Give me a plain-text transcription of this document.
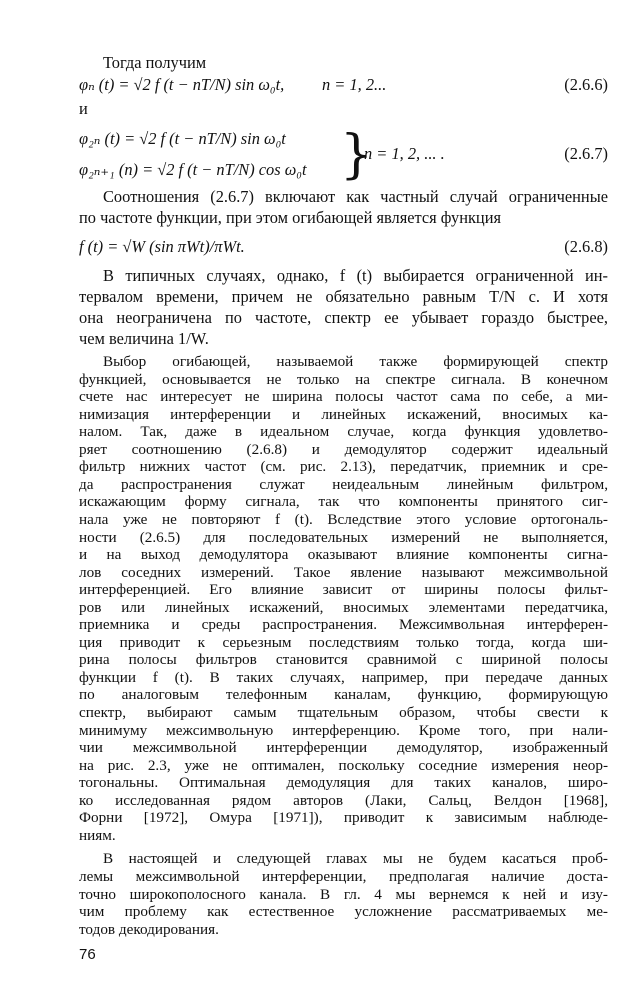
Тогда получим
φₙ (t) = √2 f (t − nT/N) sin ω₀t, n = 1, 2...	(2.6.6)
и
φ₂ₙ (t) = √2 f (t − nT/N) sin ω₀t
φ₂ₙ₊₁ (n) = √2 f (t − nT/N) cos ω₀t }
n = 1, 2, ... .	(2.6.7)
Соотношения (2.6.7) включают как частный случай ограниченные
по частоте функции, при этом огибающей является функция
f (t) = √W (sin πWt)/πWt.	(2.6.8)
В типичных случаях, однако, f (t) выбирается ограниченной ин-
тервалом времени, причем не обязательно равным T/N с. И хотя
она неограничена по частоте, спектр ее убывает гораздо быстрее,
чем величина 1/W.
Выбор огибающей, называемой также формирующей спектр
функцией, основывается не только на спектре сигнала. В конечном
счете нас интересует не ширина полосы частот сама по себе, а ми-
нимизация интерференции и линейных искажений, вносимых ка-
налом. Так, даже в идеальном случае, когда функция удовлетво-
ряет соотношению (2.6.8) и демодулятор содержит идеальный
фильтр нижних частот (см. рис. 2.13), передатчик, приемник и сре-
да распространения служат неидеальным линейным фильтром,
искажающим форму сигнала, так что компоненты принятого сиг-
нала уже не повторяют f (t). Вследствие этого условие ортогональ-
ности (2.6.5) для последовательных измерений не выполняется,
и на выход демодулятора оказывают влияние компоненты сигна-
лов соседних измерений. Такое явление называют межсимвольной
интерференцией. Его влияние зависит от ширины полосы фильт-
ров или линейных искажений, вносимых элементами передатчика,
приемника и среды распространения. Межсимвольная интерферен-
ция приводит к серьезным последствиям только тогда, когда ши-
рина полосы фильтров становится сравнимой с шириной полосы
функции f (t). В таких случаях, например, при передаче данных
по аналоговым телефонным каналам, функцию, формирующую
спектр, выбирают самым тщательным образом, чтобы свести к
минимуму межсимвольную интерференцию. Кроме того, при нали-
чии межсимвольной интерференции демодулятор, изображенный
на рис. 2.3, уже не оптимален, поскольку соседние измерения неор-
тогональны. Оптимальная демодуляция для таких каналов, широ-
ко исследованная рядом авторов (Лаки, Сальц, Велдон [1968],
Форни [1972], Омура [1971]), приводит к зависимым наблюде-
ниям.
В настоящей и следующей главах мы не будем касаться проб-
лемы межсимвольной интерференции, предполагая наличие доста-
точно широкополосного канала. В гл. 4 мы вернемся к ней и изу-
чим проблему как естественное усложнение рассматриваемых ме-
тодов декодирования.
76
